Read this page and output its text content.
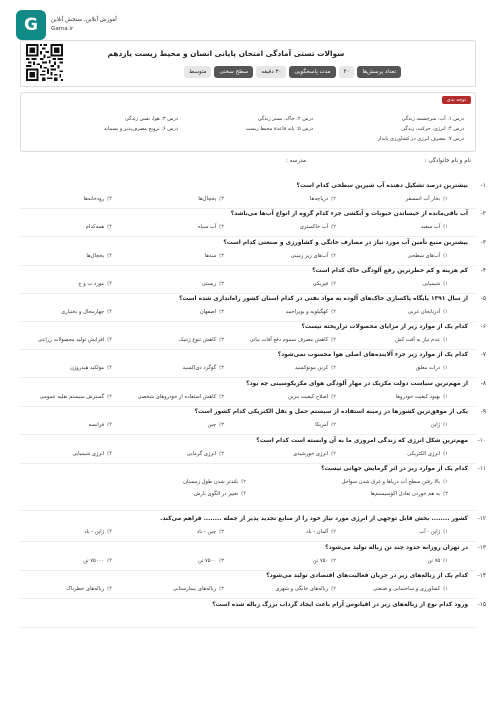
G	آموزش آنلاین، سنجش آنلاین
Gama.ir
سوالات تستی آمادگی امتحان پایانی انسان و محیط زیست یازدهم
تعداد پرسش‌ها
۴۰
مدت پاسخگویی
۳۰ دقیقه
سطح سختی
متوسط
توجه بدی
درس ۱: آب، سرچشمه زندگی
درس ۲: خاک، بستر زندگی
درس ۳: هوا، نفس زندگی
درس ۴: انرژی، حرکت، زندگی
درس ۵: پایه قاعدهٔ محیط زیست
درس ۶: ترویج مصرف‌پذیر و پسماند
درس ۷: مصرف انرژی در کشاورزی پایدار
نام و نام خانوادگی :
مدرسه :
۱-
بیشترین درصد تشکیل دهنده آب شیرین سطحی کدام است؟
۱)بخار آب اتمسفر
۲)دریاچه‌ها
۳)یخچال‌ها
۴)رودخانه‌ها
۲-
آب باقی‌مانده از خیساندن حبوبات و آبکشی جزء کدام گروه از انواع آب‌ها می‌باشد؟
۱)آب سفید
۲)آب خاکستری
۳)آب سیاه
۴)همه‌کدام
۳-
بیشترین منبع تأمین آب مورد نیاز در مصارف خانگی و کشاورزی و صنعتی کدام است؟
۱)آب‌های سطحی
۲)آب‌های زیر زمینی
۳)سدها
۴)یخچال‌ها
۴-
کم هزینه و کم خطرترین رفع آلودگی خاک کدام است؟
۱)شیمیایی
۲)فیزیکی
۳)زیستی
۴)مورد ب و ج
۵-
از سال ۱۳۹۱ پایگاه پاکسازی خاک‌های آلوده به مواد نفتی در کدام استان کشور راه‌اندازی شده است؟
۱)آذربایجان غربی
۲)کهگیلویه و بویراحمد
۳)اصفهان
۴)چهارمحال و بختیاری
۶-
کدام یک از موارد زیر از مزایای محصولات تراریخته نیست؟
۱)عدم نیاز به آفت کش
۲)کاهش مصرف سموم دفع آفات نباتی
۳)کاهش تنوع ژنتیک
۴)افزایش تولید محصولات زراعی
۷-
کدام یک از موارد زیر جزء آلاینده‌های اصلی هوا محسوب نمی‌شود؟
۱)ذرات معلق
۲)کربن مونوکسید
۳)گوگرد دی‌اکسید
۴)مولکید هیدروژن
۸-
از مهم‌ترین سیاست دولت مکزیک در مهار آلودگی هوای مکزیکوسیتی چه بود؟
۱)بهبود کیفیت خودروها
۲)اصلاح کیفیت بنزین
۳)کاهش استفاده از خودروهای شخصی
۴)گسترش سیستم نقلیه عمومی
۹-
یکی از موفق‌ترین کشورها در زمینه استفاده از سیستم حمل و نقل الکتریکی کدام کشور است؟
۱)ژاپن
۲)آمریکا
۳)چین
۴)فرانسه
۱۰-
مهم‌ترین شکل انرژی که زندگی امروزی ما به آن وابسته است کدام است؟
۱)انرژی الکتریکی
۲)انرژی خورشیدی
۳)انرژی گرمایی
۴)انرژی شیمیایی
۱۱-
کدام یک از موارد زیر در اثر گرمایش جهانی نیست؟
۱)بالا رفتن سطح آب دریاها و غرق شدن سواحل
۲)بلندتر شدن طول زمستان
۳)به هم خوردن تعادل اکوسیستم‌ها
۴)تغییر در الگوی بارش
۱۲-
کشور ........ بخش قابل توجهی از انرژی مورد نیاز خود را از منابع تجدید پذیر از جمله ........ فراهم می‌کند.
۱)ژاپن - آب
۲)آلمان - باد
۳)چین - باد
۴)ژاپن - باد
۱۳-
در تهران روزانه حدود چند تن زباله تولید می‌شود؟
۱)۷۵ تن
۲)۷۵۰ تن
۳)۷۵۰۰ تن
۴)۷۵۰۰۰ تن
۱۴-
کدام یک از زباله‌های زیر در جریان فعالیت‌های اقتصادی تولید می‌شود؟
۱)کشاورزی و ساختمانی و صنعتی
۲)زباله‌های خانگی و شهری
۳)زباله‌های بیمارستانی
۴)زباله‌های خطرناک
۱۵-
ورود کدام نوع از زباله‌های زیر در اقیانوس آرام باعث ایجاد گرداب بزرگ زباله شده است؟
